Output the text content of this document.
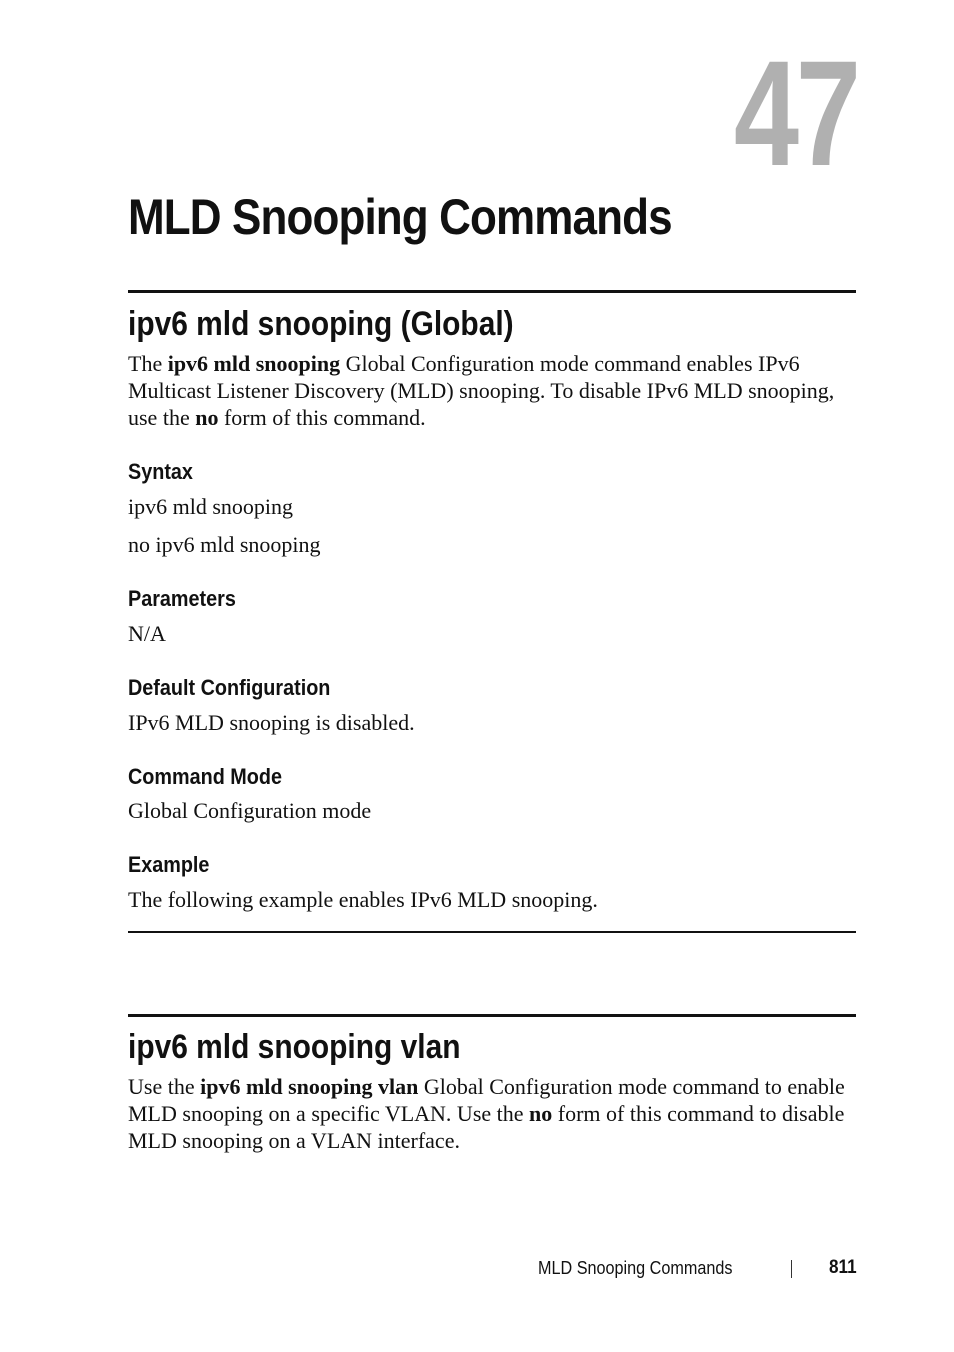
47
MLD Snooping Commands
ipv6 mld snooping (Global)

The ipv6 mld snooping Global Configuration mode command enables IPv6 Multicast Listener Discovery (MLD) snooping. To disable IPv6 MLD snooping, use the no form of this command.

Syntax

ipv6 mld snooping

no ipv6 mld snooping

Parameters

N/A

Default Configuration

IPv6 MLD snooping is disabled.

Command Mode

Global Configuration mode

Example

The following example enables IPv6 MLD snooping.

ipv6 mld snooping vlan

Use the ipv6 mld snooping vlan Global Configuration mode command to enable MLD snooping on a specific VLAN. Use the no form of this command to disable MLD snooping on a VLAN interface.

MLD Snooping Commands	811
